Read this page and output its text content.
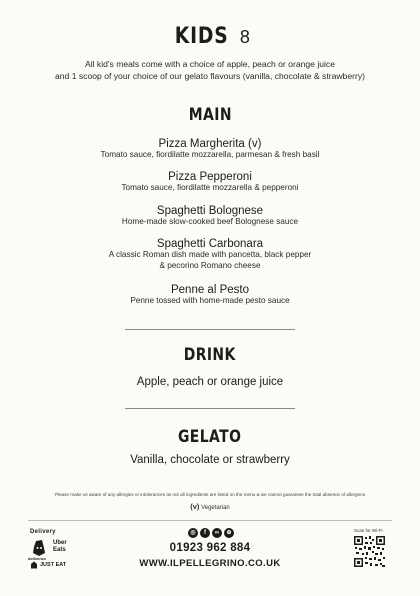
KIDS 8
All kid's meals come with a choice of apple, peach or orange juice
and 1 scoop of your choice of our gelato flavours (vanilla, chocolate & strawberry)
MAIN
Pizza Margherita (v)
Tomato sauce, fiordilatte mozzarella, parmesan & fresh basil
Pizza Pepperoni
Tomato sauce, fiordilatte mozzarella & pepperoni
Spaghetti Bolognese
Home-made slow-cooked beef Bolognese sauce
Spaghetti Carbonara
A classic Roman dish made with pancetta, black pepper
& pecorino Romano cheese
Penne al Pesto
Penne tossed with home-made pesto sauce
DRINK
Apple, peach or orange juice
GELATO
Vanilla, chocolate or strawberry
Please make us aware of any allergies or intolerances as not all ingredients are listed on the menu & we cannot guarantee the total absence of allergens
(v) Vegetarian
Delivery
deliveroo
Uber
Eats
JUST EAT
◎	f	∞	⊕
01923 962 884
WWW.ILPELLEGRINO.CO.UK
Scan for Wi-Fi
